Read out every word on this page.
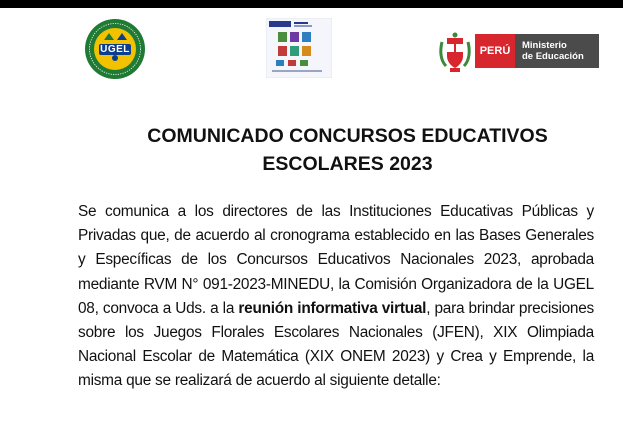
UGEL	PERÚ	Ministerio
de Educación
COMUNICADO CONCURSOS EDUCATIVOS
ESCOLARES 2023
Se comunica a los directores de las Instituciones Educativas Públicas y Privadas que, de acuerdo al cronograma establecido en las Bases Generales y Específicas de los Concursos Educativos Nacionales 2023, aprobada mediante RVM N° 091-2023-MINEDU, la Comisión Organizadora de la UGEL 08, convoca a Uds. a la reunión informativa virtual, para brindar precisiones sobre los Juegos Florales Escolares Nacionales (JFEN), XIX Olimpiada Nacional Escolar de Matemática (XIX ONEM 2023) y Crea y Emprende, la misma que se realizará de acuerdo al siguiente detalle:
